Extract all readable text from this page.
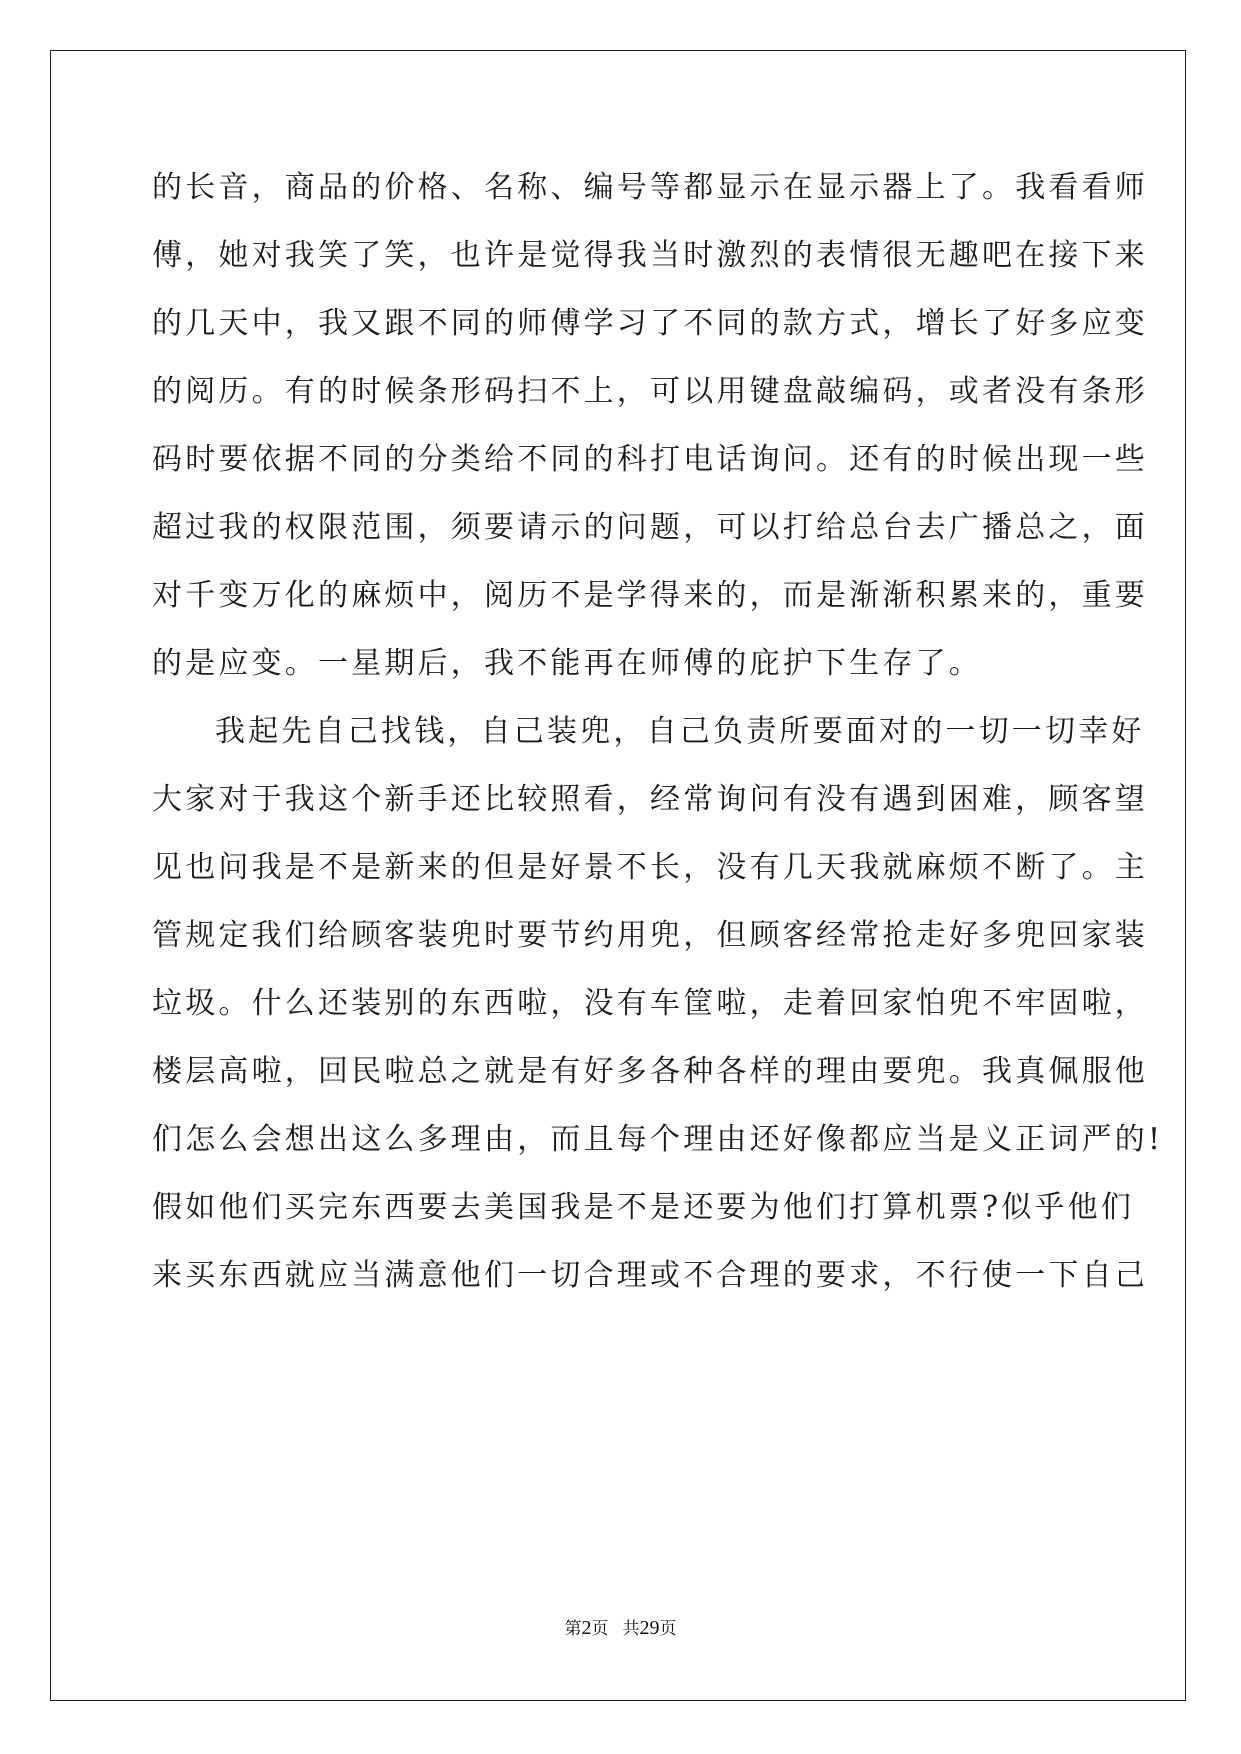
的长音，商品的价格、名称、编号等都显示在显示器上了。我看看师
傅，她对我笑了笑，也许是觉得我当时激烈的表情很无趣吧在接下来
的几天中，我又跟不同的师傅学习了不同的款方式，增长了好多应变
的阅历。有的时候条形码扫不上，可以用键盘敲编码，或者没有条形
码时要依据不同的分类给不同的科打电话询问。还有的时候出现一些
超过我的权限范围，须要请示的问题，可以打给总台去广播总之，面
对千变万化的麻烦中，阅历不是学得来的，而是渐渐积累来的，重要
的是应变。一星期后，我不能再在师傅的庇护下生存了。
我起先自己找钱，自己装兜，自己负责所要面对的一切一切幸好
大家对于我这个新手还比较照看，经常询问有没有遇到困难，顾客望
见也问我是不是新来的但是好景不长，没有几天我就麻烦不断了。主
管规定我们给顾客装兜时要节约用兜，但顾客经常抢走好多兜回家装
垃圾。什么还装别的东西啦，没有车筐啦，走着回家怕兜不牢固啦，
楼层高啦，回民啦总之就是有好多各种各样的理由要兜。我真佩服他
们怎么会想出这么多理由，而且每个理由还好像都应当是义正词严的!
假如他们买完东西要去美国我是不是还要为他们打算机票?似乎他们
来买东西就应当满意他们一切合理或不合理的要求，不行使一下自己
第2页 共29页
